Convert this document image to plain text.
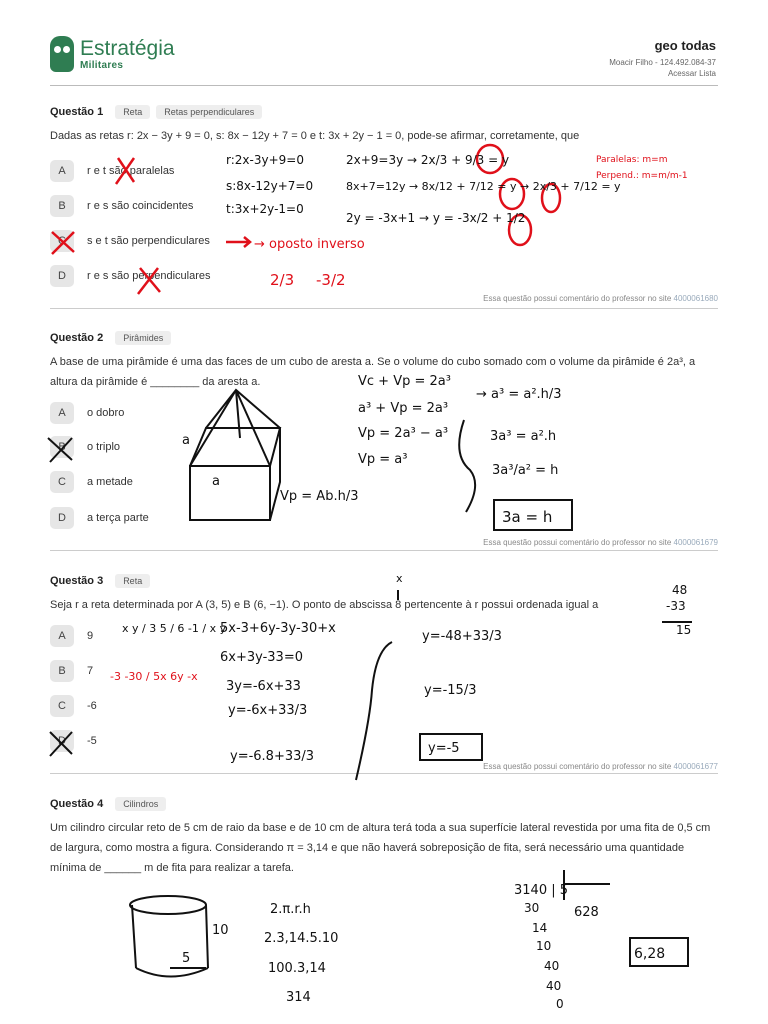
Estratégia
Militares
geo todas
Moacir Filho - 124.492.084-37
Acessar Lista
Questão 1	Reta	Retas perpendiculares
Dadas as retas r: 2x − 3y + 9 = 0, s: 8x − 12y + 7 = 0 e t: 3x + 2y − 1 = 0, pode-se afirmar, corretamente, que
A	r e t são paralelas
B	r e s são coincidentes
C	s e t são perpendiculares
D	r e s são perpendiculares
Essa questão possui comentário do professor no site 4000061680
Questão 2	Pirâmides
A base de uma pirâmide é uma das faces de um cubo de aresta a. Se o volume do cubo somado com o volume da pirâmide é 2a³, a altura da pirâmide é ________ da aresta a.
A	o dobro
B	o triplo
C	a metade
D	a terça parte
Essa questão possui comentário do professor no site 4000061679
Questão 3	Reta
Seja r a reta determinada por A (3, 5) e B (6, −1). O ponto de abscissa 8 pertencente à r possui ordenada igual a
A	9
B	7
C	-6
D	-5
Essa questão possui comentário do professor no site 4000061677
Questão 4	Cilindros
Um cilindro circular reto de 5 cm de raio da base e de 10 cm de altura terá toda a sua superfície lateral revestida por uma fita de 0,5 cm de largura, como mostra a figura. Considerando π = 3,14 e que não haverá sobreposição de fita, será necessário uma quantidade mínima de ______ m de fita para realizar a tarefa.
→ oposto inverso
Paralelas: m=m
Perpend.: m=m/m-1
2/3 -3/2
r:2x-3y+9=0
s:8x-12y+7=0
t:3x+2y-1=0
2x+9=3y → 2x/3 + 9/3 = y
8x+7=12y → 8x/12 + 7/12 = y → 2x/3 + 7/12 = y
2y = -3x+1 → y = -3x/2 + 1/2
a
a
Vc + Vp = 2a³
a³ + Vp = 2a³
Vp = 2a³ − a³
Vp = a³
Vp = Ab.h/3
→ a³ = a².h/3
3a³ = a².h
3a³/a² = h
3a = h
x
x y / 3 5 / 6 -1 / x y
-3 -30 / 5x 6y -x
5x-3+6y-3y-30+x
6x+3y-33=0
3y=-6x+33
y=-6x+33/3
y=-6.8+33/3
y=-48+33/3
y=-15/3
y=-5
48
-33
15
10
5
2.π.r.h
2.3,14.5.10
100.3,14
314
3140 | 5
628
30
14
10
40
40
0
6,28
